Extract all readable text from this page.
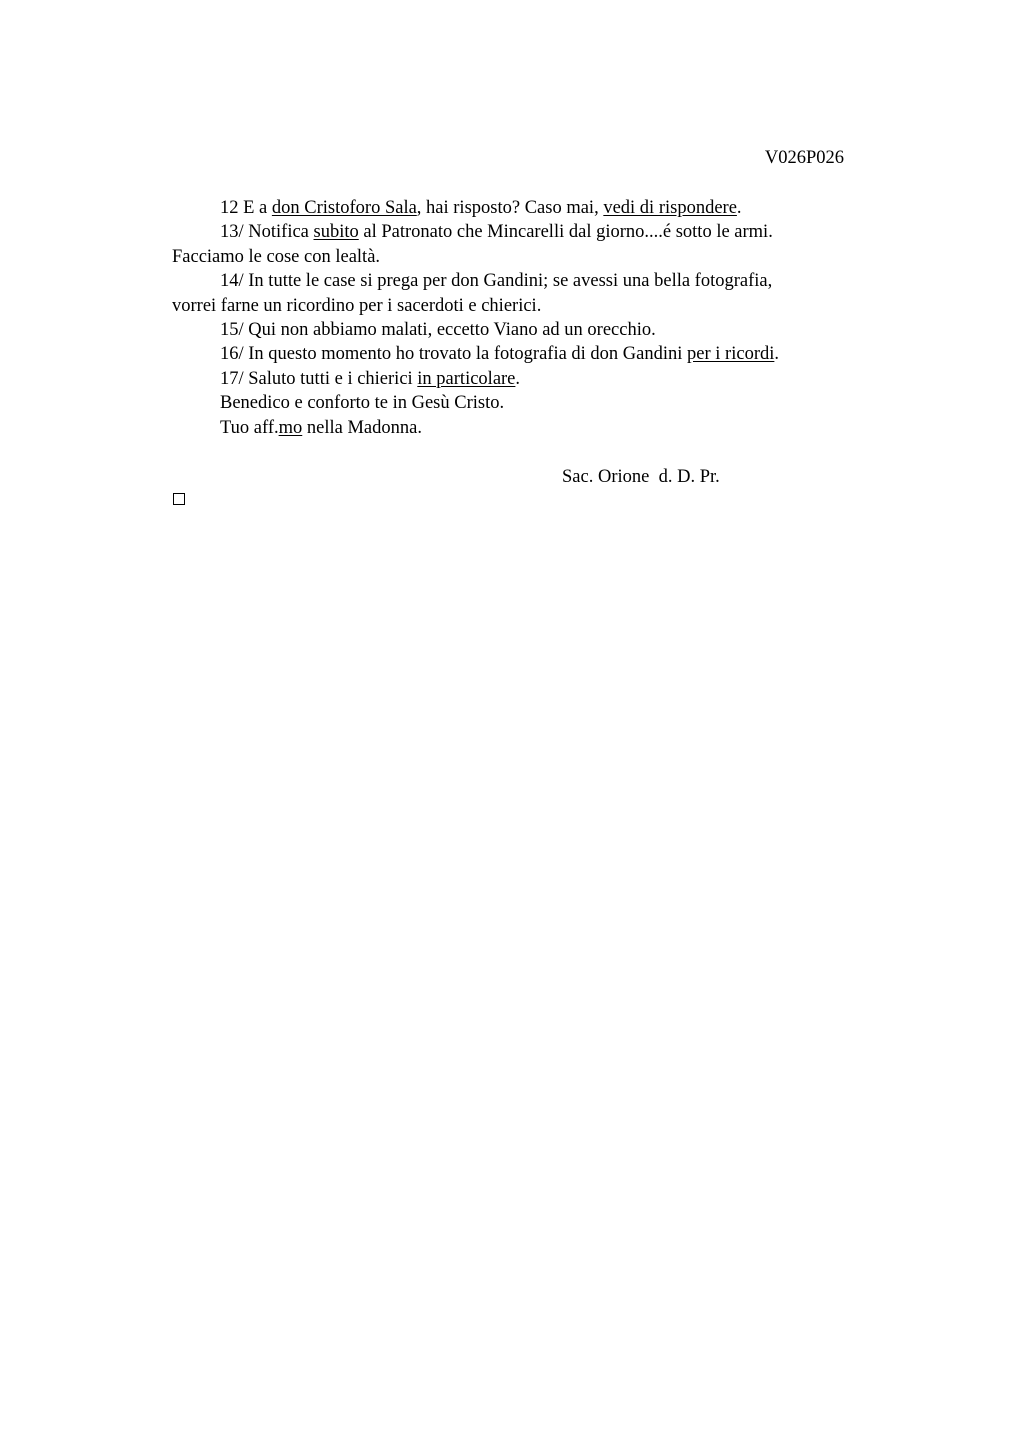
V026P026

12 E a don Cristoforo Sala, hai risposto? Caso mai, vedi di rispondere.

13/ Notifica subito al Patronato che Mincarelli dal giorno....é sotto le armi.
Facciamo le cose con lealtà.

14/ In tutte le case si prega per don Gandini; se avessi una bella fotografia,
vorrei farne un ricordino per i sacerdoti e chierici.

15/ Qui non abbiamo malati, eccetto Viano ad un orecchio.

16/ In questo momento ho trovato la fotografia di don Gandini per i ricordi.

17/ Saluto tutti e i chierici in particolare.

Benedico e conforto te in Gesù Cristo.

Tuo aff.mo nella Madonna.

Sac. Orione  d. D. Pr.
